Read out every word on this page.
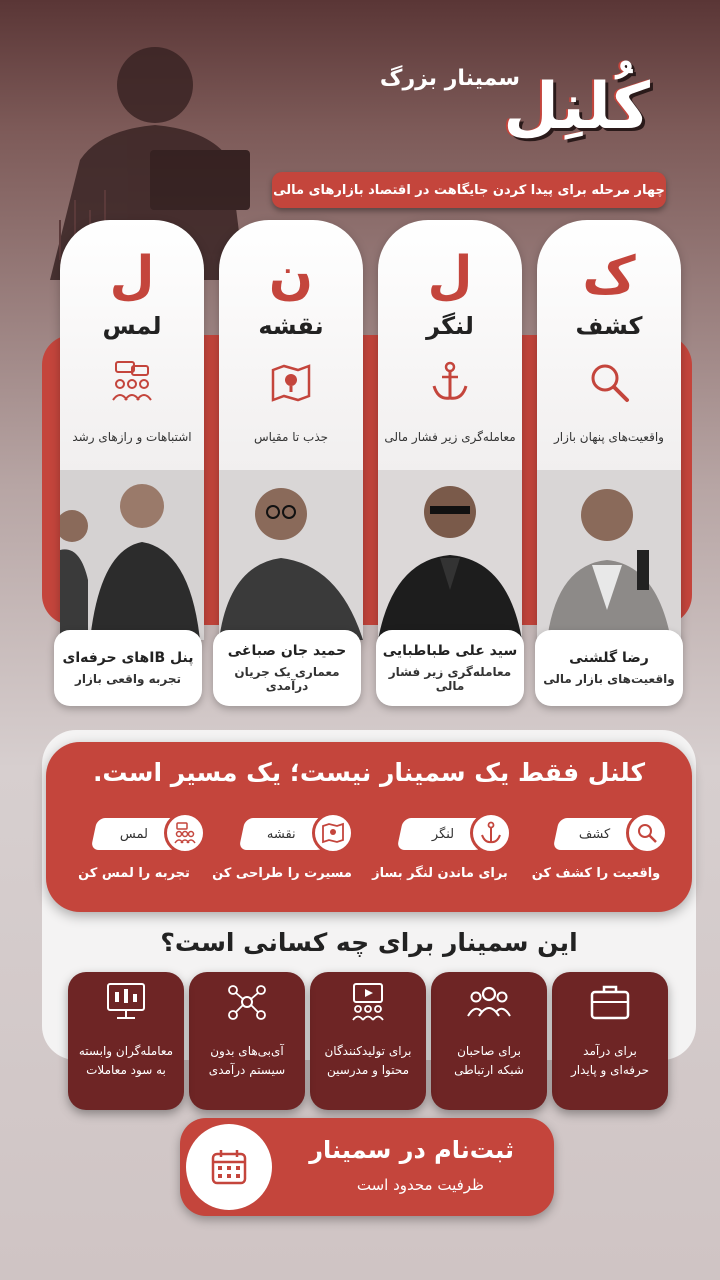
سمینار بزرگ
کُلنِل
چهار مرحله برای پیدا کردن جایگاهت در اقتصاد بازارهای مالی
ک
کشف
واقعیت‌های پنهان بازار
رضا گلشنی
واقعیت‌های بازار مالی
ل
لنگر
معامله‌گری زیر فشار مالی
سید علی طباطبایی
معامله‌گری زیر فشار مالی
ن
نقشه
جذب تا مقیاس
حمید جان صباغی
معماری یک جریان درآمدی
ل
لمس
اشتباهات و رازهای رشد
پنل IBهای حرفه‌ای
تجربه واقعی بازار
کلنل فقط یک سمینار نیست؛ یک مسیر است.
کشف
واقعیت را کشف کن
لنگر
برای ماندن لنگر بساز
نقشه
مسیرت را طراحی کن
لمس
تجربه را لمس کن
این سمینار برای چه کسانی است؟
برای درآمد
حرفه‌ای و پایدار
برای صاحبان
شبکه ارتباطی
برای تولیدکنندگان
محتوا و مدرسین
آی‌بی‌های بدون
سیستم درآمدی
معامله‌گران وابسته
به سود معاملات
ثبت‌نام در سمینار
ظرفیت محدود است
